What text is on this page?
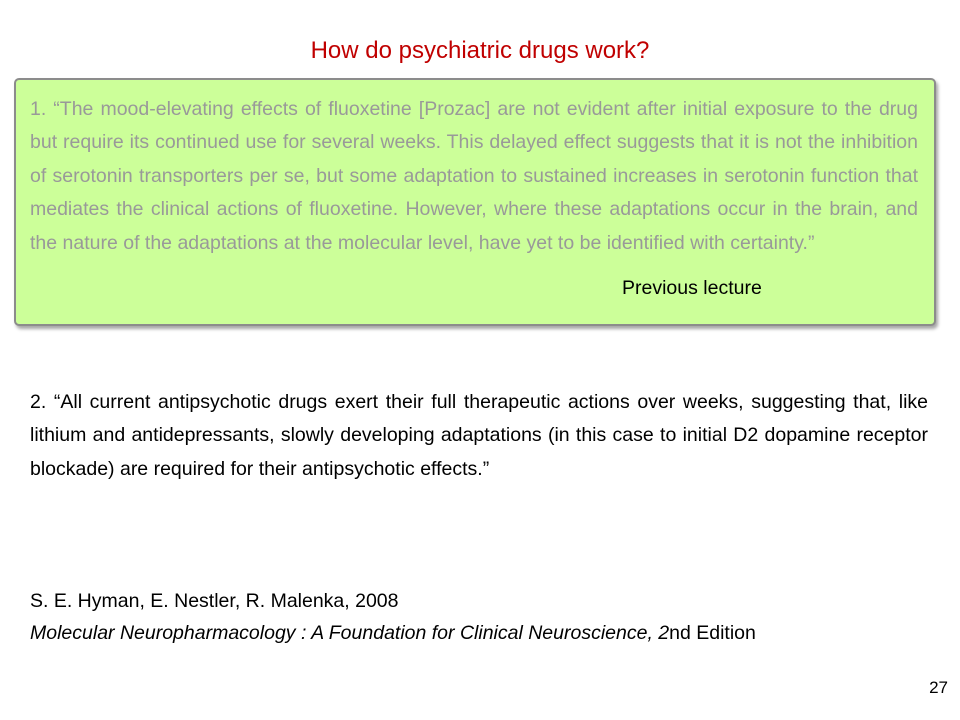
How do psychiatric drugs work?

1. “The mood-elevating effects of fluoxetine [Prozac] are not evident after initial exposure to the drug but require its continued use for several weeks. This delayed effect suggests that it is not the inhibition of serotonin transporters per se, but some adaptation to sustained increases in serotonin function that mediates the clinical actions of fluoxetine. However, where these adaptations occur in the brain, and the nature of the adaptations at the molecular level, have yet to be identified with certainty.”

Previous lecture

2. “All current antipsychotic drugs exert their full therapeutic actions over weeks, suggesting that, like lithium and antidepressants, slowly developing adaptations (in this case to initial D2 dopamine receptor blockade) are required for their antipsychotic effects.”

S. E. Hyman, E. Nestler, R. Malenka, 2008
Molecular Neuropharmacology : A Foundation for Clinical Neuroscience, 2nd Edition
27
